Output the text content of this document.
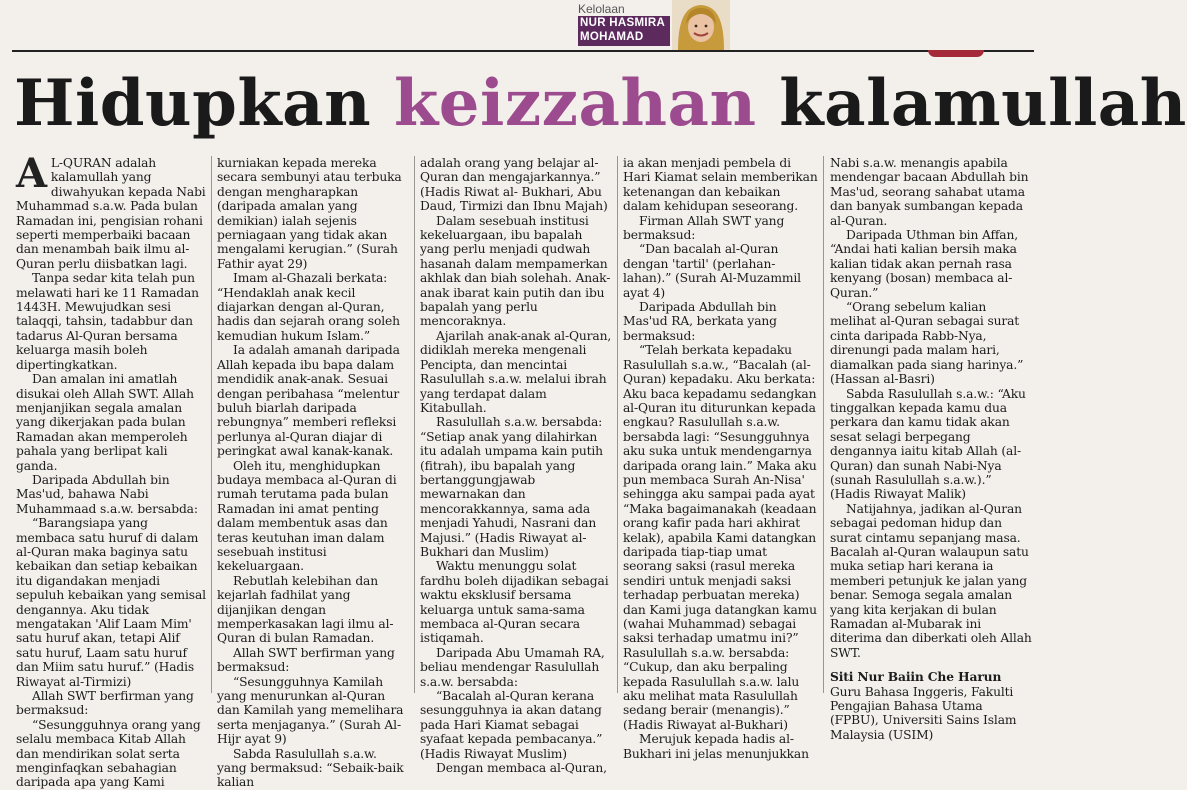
Kelolaan
NUR HASMIRA
MOHAMAD
Hidupkan keizzahan kalamullah

A L-QURAN adalah kalamullah yang diwahyukan kepada Nabi Muhammad s.a.w. Pada bulan Ramadan ini, pengisian rohani seperti memperbaiki bacaan dan menambah baik ilmu al-Quran perlu diisbatkan lagi.

Tanpa sedar kita telah pun melawati hari ke 11 Ramadan 1443H. Mewujudkan sesi talaqqi, tahsin, tadabbur dan tadarus Al-Quran bersama keluarga masih boleh dipertingkatkan.

Dan amalan ini amatlah disukai oleh Allah SWT. Allah menjanjikan segala amalan yang dikerjakan pada bulan Ramadan akan memperoleh pahala yang berlipat kali ganda.

Daripada Abdullah bin Mas'ud, bahawa Nabi Muhammaad s.a.w. bersabda:

“Barangsiapa yang membaca satu huruf di dalam al-Quran maka baginya satu kebaikan dan setiap kebaikan itu digandakan menjadi sepuluh kebaikan yang semisal dengannya. Aku tidak mengatakan 'Alif Laam Mim' satu huruf akan, tetapi Alif satu huruf, Laam satu huruf dan Miim satu huruf.” (Hadis Riwayat al-Tirmizi)

Allah SWT berfirman yang bermaksud:

“Sesungguhnya orang yang selalu membaca Kitab Allah dan mendirikan solat serta menginfaqkan sebahagian daripada apa yang Kami

kurniakan kepada mereka secara sembunyi atau terbuka dengan mengharapkan (daripada amalan yang demikian) ialah sejenis perniagaan yang tidak akan mengalami kerugian.” (Surah Fathir ayat 29)

Imam al-Ghazali berkata: “Hendaklah anak kecil diajarkan dengan al-Quran, hadis dan sejarah orang soleh kemudian hukum Islam.”

Ia adalah amanah daripada Allah kepada ibu bapa dalam mendidik anak-anak. Sesuai dengan peribahasa “melentur buluh biarlah daripada rebungnya” memberi refleksi perlunya al-Quran diajar di peringkat awal kanak-kanak.

Oleh itu, menghidupkan budaya membaca al-Quran di rumah terutama pada bulan Ramadan ini amat penting dalam membentuk asas dan teras keutuhan iman dalam sesebuah institusi kekeluargaan.

Rebutlah kelebihan dan kejarlah fadhilat yang dijanjikan dengan memperkasakan lagi ilmu al-Quran di bulan Ramadan.

Allah SWT berfirman yang bermaksud:

“Sesungguhnya Kamilah yang menurunkan al-Quran dan Kamilah yang memelihara serta menjaganya.” (Surah Al-Hijr ayat 9)

Sabda Rasulullah s.a.w. yang bermaksud: “Sebaik-baik kalian

adalah orang yang belajar al-Quran dan mengajarkannya.” (Hadis Riwat al- Bukhari, Abu Daud, Tirmizi dan Ibnu Majah)

Dalam sesebuah institusi kekeluargaan, ibu bapalah yang perlu menjadi qudwah hasanah dalam mempamerkan akhlak dan biah solehah. Anak-anak ibarat kain putih dan ibu bapalah yang perlu mencoraknya.

Ajarilah anak-anak al-Quran, didiklah mereka mengenali Pencipta, dan mencintai Rasulullah s.a.w. melalui ibrah yang terdapat dalam Kitabullah.

Rasulullah s.a.w. bersabda: “Setiap anak yang dilahirkan itu adalah umpama kain putih (fitrah), ibu bapalah yang bertanggungjawab mewarnakan dan mencorakkannya, sama ada menjadi Yahudi, Nasrani dan Majusi.” (Hadis Riwayat al-Bukhari dan Muslim)

Waktu menunggu solat fardhu boleh dijadikan sebagai waktu eksklusif bersama keluarga untuk sama-sama membaca al-Quran secara istiqamah.

Daripada Abu Umamah RA, beliau mendengar Rasulullah s.a.w. bersabda:

“Bacalah al-Quran kerana sesungguhnya ia akan datang pada Hari Kiamat sebagai syafaat kepada pembacanya.” (Hadis Riwayat Muslim)

Dengan membaca al-Quran,

ia akan menjadi pembela di Hari Kiamat selain memberikan ketenangan dan kebaikan dalam kehidupan seseorang.

Firman Allah SWT yang bermaksud:

“Dan bacalah al-Quran dengan 'tartil' (perlahan-lahan).” (Surah Al-Muzammil ayat 4)

Daripada Abdullah bin Mas'ud RA, berkata yang bermaksud:

“Telah berkata kepadaku Rasulullah s.a.w., “Bacalah (al-Quran) kepadaku. Aku berkata: Aku baca kepadamu sedangkan al-Quran itu diturunkan kepada engkau? Rasulullah s.a.w. bersabda lagi: “Sesungguhnya aku suka untuk mendengarnya daripada orang lain.” Maka aku pun membaca Surah An-Nisa' sehingga aku sampai pada ayat “Maka bagaimanakah (keadaan orang kafir pada hari akhirat kelak), apabila Kami datangkan daripada tiap-tiap umat seorang saksi (rasul mereka sendiri untuk menjadi saksi terhadap perbuatan mereka) dan Kami juga datangkan kamu (wahai Muhammad) sebagai saksi terhadap umatmu ini?” Rasulullah s.a.w. bersabda: “Cukup, dan aku berpaling kepada Rasulullah s.a.w. lalu aku melihat mata Rasulullah sedang berair (menangis).” (Hadis Riwayat al-Bukhari)

Merujuk kepada hadis al-Bukhari ini jelas menunjukkan

Nabi s.a.w. menangis apabila mendengar bacaan Abdullah bin Mas'ud, seorang sahabat utama dan banyak sumbangan kepada al-Quran.

Daripada Uthman bin Affan, “Andai hati kalian bersih maka kalian tidak akan pernah rasa kenyang (bosan) membaca al-Quran.”

“Orang sebelum kalian melihat al-Quran sebagai surat cinta daripada Rabb-Nya, direnungi pada malam hari, diamalkan pada siang harinya.” (Hassan al-Basri)

Sabda Rasulullah s.a.w.: “Aku tinggalkan kepada kamu dua perkara dan kamu tidak akan sesat selagi berpegang dengannya iaitu kitab Allah (al-Quran) dan sunah Nabi-Nya (sunah Rasulullah s.a.w.).” (Hadis Riwayat Malik)

Natijahnya, jadikan al-Quran sebagai pedoman hidup dan surat cintamu sepanjang masa. Bacalah al-Quran walaupun satu muka setiap hari kerana ia memberi petunjuk ke jalan yang benar. Semoga segala amalan yang kita kerjakan di bulan Ramadan al-Mubarak ini diterima dan diberkati oleh Allah SWT.

Siti Nur Baiin Che Harun

Guru Bahasa Inggeris, Fakulti Pengajian Bahasa Utama (FPBU), Universiti Sains Islam Malaysia (USIM)
